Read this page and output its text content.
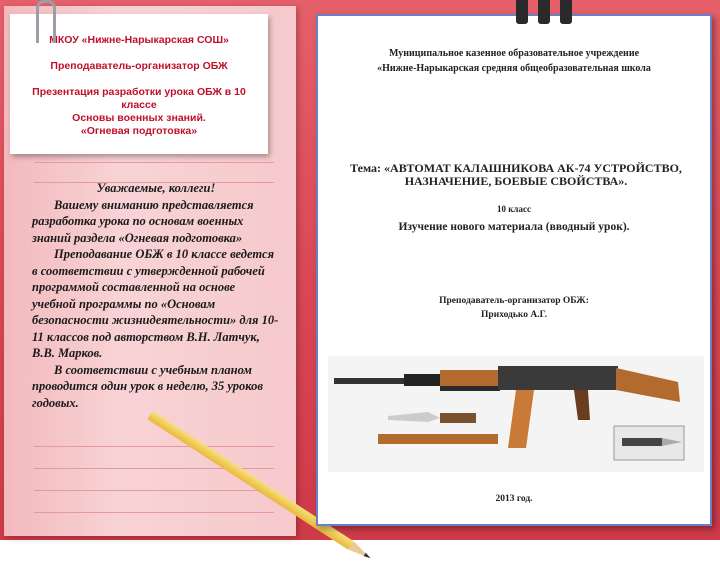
МКОУ «Нижне-Нарыкарская СОШ»
Преподаватель-организатор ОБЖ
Презентация разработки урока ОБЖ в 10
классе
Основы военных знаний.
«Огневая подготовка»

Уважаемые, коллеги!

Вашему вниманию представляется разработка урока по основам военных знаний раздела «Огневая подготовка»

Преподавание ОБЖ в 10 классе ведется в соответствии с утвержденной рабочей программой составленной на основе учебной программы по «Основам безопасности жизнидеятельности» для 10-11 классов под авторством В.Н. Латчук, В.В. Марков.

В соответствии с учебным планом проводится один урок в неделю, 35 уроков годовых.

Муниципальное казенное образовательное учреждение
«Нижне-Нарыкарская средняя общеобразовательная школа
Тема: «АВТОМАТ КАЛАШНИКОВА АК-74 УСТРОЙСТВО, НАЗНАЧЕНИЕ, БОЕВЫЕ СВОЙСТВА».
10 класс
Изучение нового материала (вводный урок).
Преподаватель-организатор ОБЖ:
Приходько А.Г.
2013 год.
